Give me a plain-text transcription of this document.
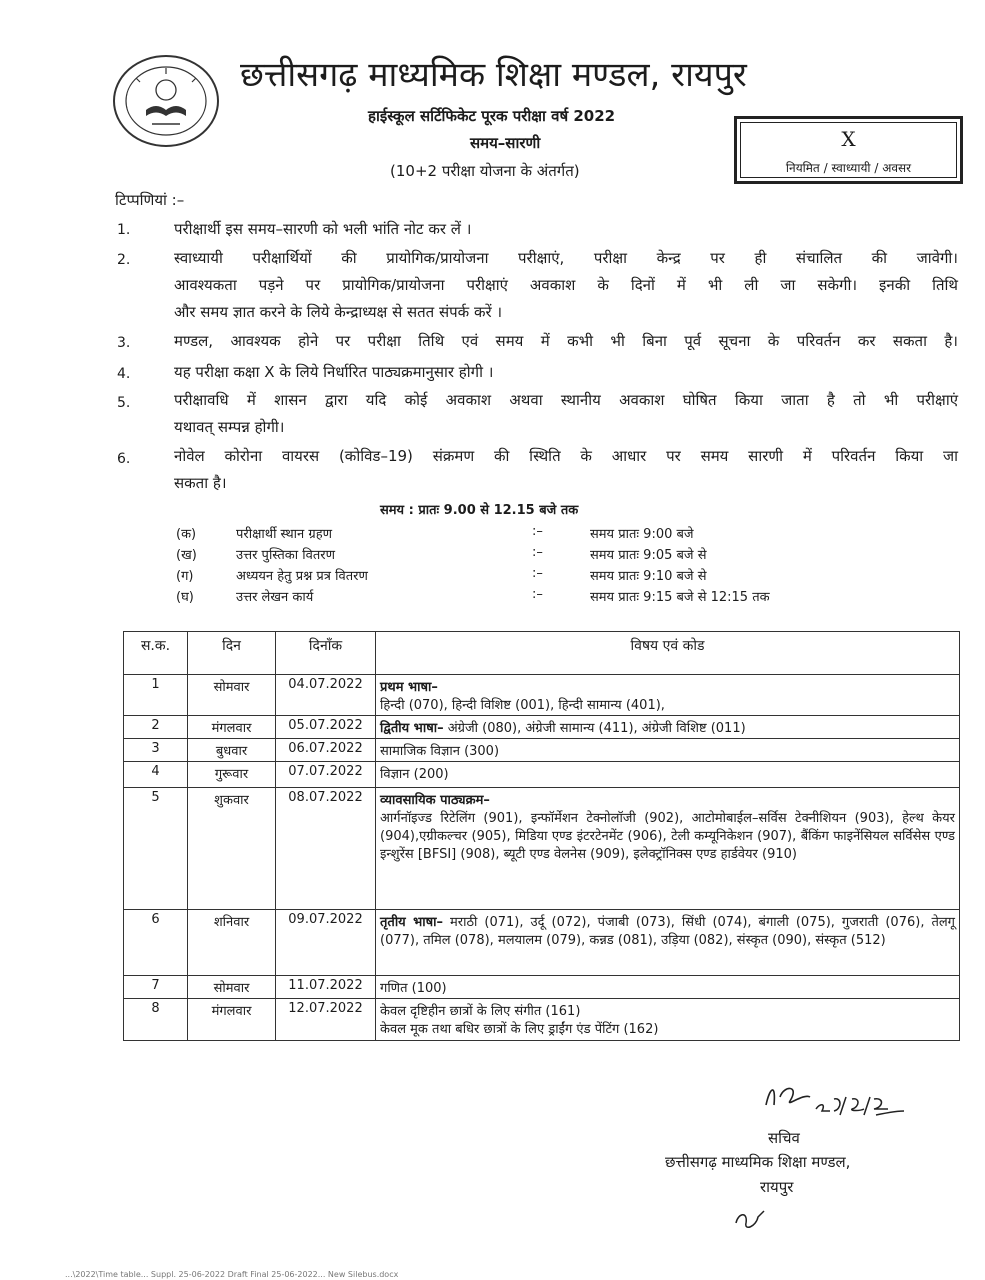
छत्तीसगढ़ माध्यमिक शिक्षा मण्डल, रायपुर
हाईस्कूल सर्टिफिकेट पूरक परीक्षा वर्ष 2022
समय–सारणी
(10+2 परीक्षा योजना के अंतर्गत)
X
नियमित / स्वाध्यायी / अवसर
टिप्पणियां :–
1.	परीक्षार्थी इस समय–सारणी को भली भांति नोट कर लें ।
2.	स्वाध्यायी परीक्षार्थियों की प्रायोगिक/प्रायोजना परीक्षाएं, परीक्षा केन्द्र पर ही संचालित की जावेगी।
आवश्यकता पड़ने पर प्रायोगिक/प्रायोजना परीक्षाएं अवकाश के दिनों में भी ली जा सकेगी। इनकी तिथि
और समय ज्ञात करने के लिये केन्द्राध्यक्ष से सतत संपर्क करें ।
3.	मण्डल, आवश्यक होने पर परीक्षा तिथि एवं समय में कभी भी बिना पूर्व सूचना के परिवर्तन कर सकता है।
4.	यह परीक्षा कक्षा X के लिये निर्धारित पाठ्यक्रमानुसार होगी ।
5.	परीक्षावधि में शासन द्वारा यदि कोई अवकाश अथवा स्थानीय अवकाश घोषित किया जाता है तो भी परीक्षाएं
यथावत् सम्पन्न होगी।
6.	नोवेल कोरोना वायरस (कोविड–19) संक्रमण की स्थिति के आधार पर समय सारणी में परिवर्तन किया जा
सकता है।
समय : प्रातः 9.00 से 12.15 बजे तक
(क)	परीक्षार्थी स्थान ग्रहण	:–	समय प्रातः 9:00 बजे
(ख)	उत्तर पुस्तिका वितरण	:–	समय प्रातः 9:05 बजे से
(ग)	अध्ययन हेतु प्रश्न प्रत्र वितरण	:–	समय प्रातः 9:10 बजे से
(घ)	उत्तर लेखन कार्य	:–	समय प्रातः 9:15 बजे से 12:15 तक
स.क.	दिन	दिनाँक	विषय एवं कोड
1	सोमवार	04.07.2022	प्रथम भाषा–
हिन्दी (070), हिन्दी विशिष्ट (001), हिन्दी सामान्य (401),
2	मंगलवार	05.07.2022	द्वितीय भाषा– अंग्रेजी (080), अंग्रेजी सामान्य (411), अंग्रेजी विशिष्ट (011)
3	बुधवार	06.07.2022	सामाजिक विज्ञान (300)
4	गुरूवार	07.07.2022	विज्ञान (200)
5	शुकवार	08.07.2022	व्यावसायिक पाठ्यक्रम–
आर्गनॉइज्ड रिटेलिंग (901), इन्फॉर्मेशन टेक्नोलॉजी (902), आटोमोबाईल–सर्विस टेक्नीशियन (903), हेल्थ केयर (904),एग्रीकल्चर (905), मिडिया एण्ड इंटरटेनमेंट (906), टेली कम्यूनिकेशन (907), बैंकिंग फाइनेंसियल सर्विसेस एण्ड इन्शुरेंस [BFSI] (908), ब्यूटी एण्ड वेलनेस (909), इलेक्ट्रॉनिक्स एण्ड हार्डवेयर (910)
6	शनिवार	09.07.2022	तृतीय भाषा– मराठी (071), उर्दू (072), पंजाबी (073), सिंधी (074), बंगाली (075), गुजराती (076), तेलगू (077), तमिल (078), मलयालम (079), कन्नड (081), उड़िया (082), संस्कृत (090), संस्कृत (512)
7	सोमवार	11.07.2022	गणित (100)
8	मंगलवार	12.07.2022	केवल दृष्टिहीन छात्रों के लिए संगीत (161)
केवल मूक तथा बधिर छात्रों के लिए ड्राईंग एंड पेंटिंग (162)
सचिव
छत्तीसगढ़ माध्यमिक शिक्षा मण्डल,
रायपुर
...\2022\Time table... Suppl. 25-06-2022 Draft Final 25-06-2022... New Silebus.docx
